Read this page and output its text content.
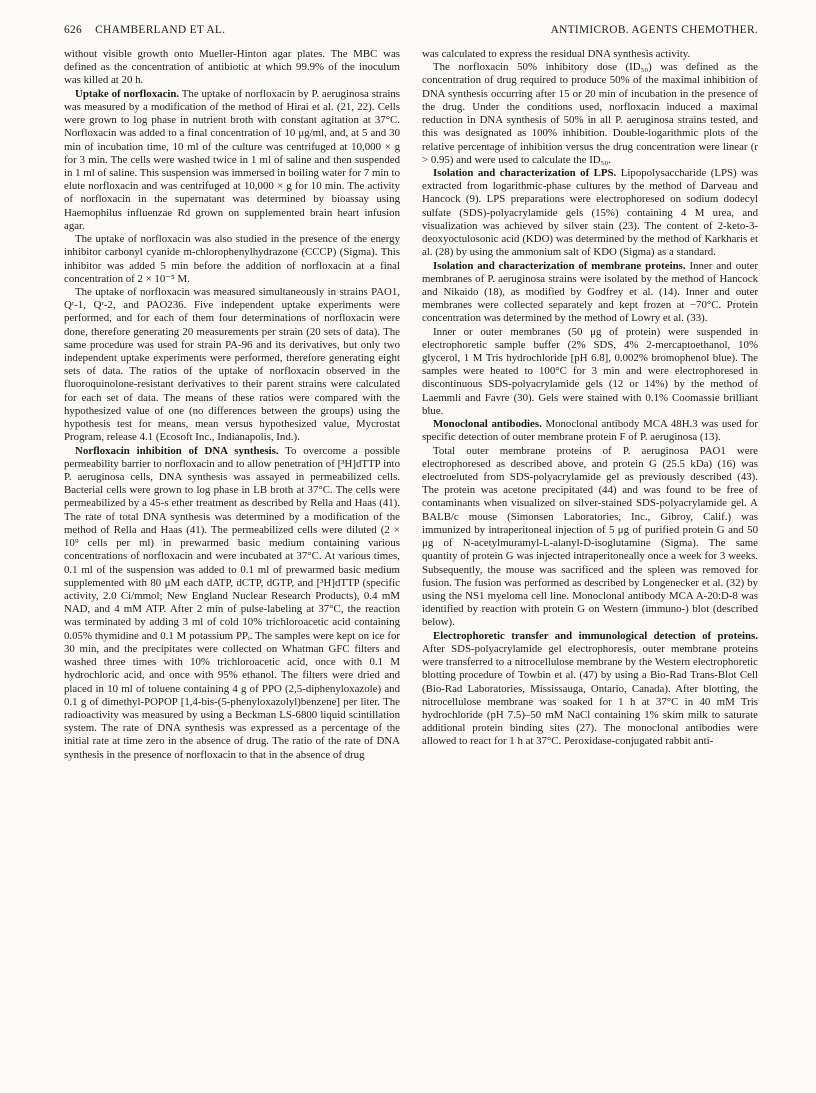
626 CHAMBERLAND ET AL.	ANTIMICROB. AGENTS CHEMOTHER.

without visible growth onto Mueller-Hinton agar plates. The MBC was defined as the concentration of antibiotic at which 99.9% of the inoculum was killed at 20 h.

Uptake of norfloxacin. The uptake of norfloxacin by P. aeruginosa strains was measured by a modification of the method of Hirai et al. (21, 22). Cells were grown to log phase in nutrient broth with constant agitation at 37°C. Norfloxacin was added to a final concentration of 10 μg/ml, and, at 5 and 30 min of incubation time, 10 ml of the culture was centrifuged at 10,000 × g for 3 min. The cells were washed twice in 1 ml of saline and then suspended in 1 ml of saline. This suspension was immersed in boiling water for 7 min to elute norfloxacin and was centrifuged at 10,000 × g for 10 min. The activity of norfloxacin in the supernatant was determined by bioassay using Haemophilus influenzae Rd grown on supplemented brain heart infusion agar.

The uptake of norfloxacin was also studied in the presence of the energy inhibitor carbonyl cyanide m-chlorophenylhydrazone (CCCP) (Sigma). This inhibitor was added 5 min before the addition of norfloxacin at a final concentration of 2 × 10⁻⁵ M.

The uptake of norfloxacin was measured simultaneously in strains PAO1, Qʳ-1, Qʳ-2, and PAO236. Five independent uptake experiments were performed, and for each of them four determinations of norfloxacin were done, therefore generating 20 measurements per strain (20 sets of data). The same procedure was used for strain PA-96 and its derivatives, but only two independent uptake experiments were performed, therefore generating eight sets of data. The ratios of the uptake of norfloxacin observed in the fluoroquinolone-resistant derivatives to their parent strains were calculated for each set of data. The means of these ratios were compared with the hypothesized value of one (no differences between the groups) using the hypothesis test for means, mean versus hypothesized value, Mycrostat Program, release 4.1 (Ecosoft Inc., Indianapolis, Ind.).

Norfloxacin inhibition of DNA synthesis. To overcome a possible permeability barrier to norfloxacin and to allow penetration of [³H]dTTP into P. aeruginosa cells, DNA synthesis was assayed in permeabilized cells. Bacterial cells were grown to log phase in LB broth at 37°C. The cells were permeabilized by a 45-s ether treatment as described by Rella and Haas (41). The rate of total DNA synthesis was determined by a modification of the method of Rella and Haas (41). The permeabilized cells were diluted (2 × 10⁹ cells per ml) in prewarmed basic medium containing various concentrations of norfloxacin and were incubated at 37°C. At various times, 0.1 ml of the suspension was added to 0.1 ml of prewarmed basic medium supplemented with 80 μM each dATP, dCTP, dGTP, and [³H]dTTP (specific activity, 2.0 Ci/mmol; New England Nuclear Research Products), 0.4 mM NAD, and 4 mM ATP. After 2 min of pulse-labeling at 37°C, the reaction was terminated by adding 3 ml of cold 10% trichloroacetic acid containing 0.05% thymidine and 0.1 M potassium PPᵢ. The samples were kept on ice for 30 min, and the precipitates were collected on Whatman GFC filters and washed three times with 10% trichloroacetic acid, once with 0.1 M hydrochloric acid, and once with 95% ethanol. The filters were dried and placed in 10 ml of toluene containing 4 g of PPO (2,5-diphenyloxazole) and 0.1 g of dimethyl-POPOP [1,4-bis-(5-phenyloxazolyl)benzene] per liter. The radioactivity was measured by using a Beckman LS-6800 liquid scintillation system. The rate of DNA synthesis was expressed as a percentage of the initial rate at time zero in the absence of drug. The ratio of the rate of DNA synthesis in the presence of norfloxacin to that in the absence of drug

was calculated to express the residual DNA synthesis activity.

The norfloxacin 50% inhibitory dose (ID₅₀) was defined as the concentration of drug required to produce 50% of the maximal inhibition of DNA synthesis occurring after 15 or 20 min of incubation in the presence of the drug. Under the conditions used, norfloxacin induced a maximal reduction in DNA synthesis of 50% in all P. aeruginosa strains tested, and this was designated as 100% inhibition. Double-logarithmic plots of the relative percentage of inhibition versus the drug concentration were linear (r > 0.95) and were used to calculate the ID₅₀.

Isolation and characterization of LPS. Lipopolysaccharide (LPS) was extracted from logarithmic-phase cultures by the method of Darveau and Hancock (9). LPS preparations were electrophoresed on sodium dodecyl sulfate (SDS)-polyacrylamide gels (15%) containing 4 M urea, and visualization was achieved by silver stain (23). The content of 2-keto-3-deoxyoctulosonic acid (KDO) was determined by the method of Karkharis et al. (28) by using the ammonium salt of KDO (Sigma) as a standard.

Isolation and characterization of membrane proteins. Inner and outer membranes of P. aeruginosa strains were isolated by the method of Hancock and Nikaido (18), as modified by Godfrey et al. (14). Inner and outer membranes were collected separately and kept frozen at −70°C. Protein concentration was determined by the method of Lowry et al. (33).

Inner or outer membranes (50 μg of protein) were suspended in electrophoretic sample buffer (2% SDS, 4% 2-mercaptoethanol, 10% glycerol, 1 M Tris hydrochloride [pH 6.8], 0.002% bromophenol blue). The samples were heated to 100°C for 3 min and were electrophoresed in discontinuous SDS-polyacrylamide gels (12 or 14%) by the method of Laemmli and Favre (30). Gels were stained with 0.1% Coomassie brilliant blue.

Monoclonal antibodies. Monoclonal antibody MCA 48H.3 was used for specific detection of outer membrane protein F of P. aeruginosa (13).

Total outer membrane proteins of P. aeruginosa PAO1 were electrophoresed as described above, and protein G (25.5 kDa) (16) was electroeluted from SDS-polyacrylamide gel as previously described (43). The protein was acetone precipitated (44) and was found to be free of contaminants when visualized on silver-stained SDS-polyacrylamide gel. A BALB/c mouse (Simonsen Laboratories, Inc., Gibroy, Calif.) was immunized by intraperitoneal injection of 5 μg of purified protein G and 50 μg of N-acetylmuramyl-L-alanyl-D-isoglutamine (Sigma). The same quantity of protein G was injected intraperitoneally once a week for 3 weeks. Subsequently, the mouse was sacrificed and the spleen was removed for fusion. The fusion was performed as described by Longenecker et al. (32) by using the NS1 myeloma cell line. Monoclonal antibody MCA A-20:D-8 was identified by reaction with protein G on Western (immuno-) blot (described below).

Electrophoretic transfer and immunological detection of proteins. After SDS-polyacrylamide gel electrophoresis, outer membrane proteins were transferred to a nitrocellulose membrane by the Western electrophoretic blotting procedure of Towbin et al. (47) by using a Bio-Rad Trans-Blot Cell (Bio-Rad Laboratories, Mississauga, Ontario, Canada). After blotting, the nitrocellulose membrane was soaked for 1 h at 37°C in 40 mM Tris hydrochloride (pH 7.5)–50 mM NaCl containing 1% skim milk to saturate additional protein binding sites (27). The monoclonal antibodies were allowed to react for 1 h at 37°C. Peroxidase-conjugated rabbit anti-
